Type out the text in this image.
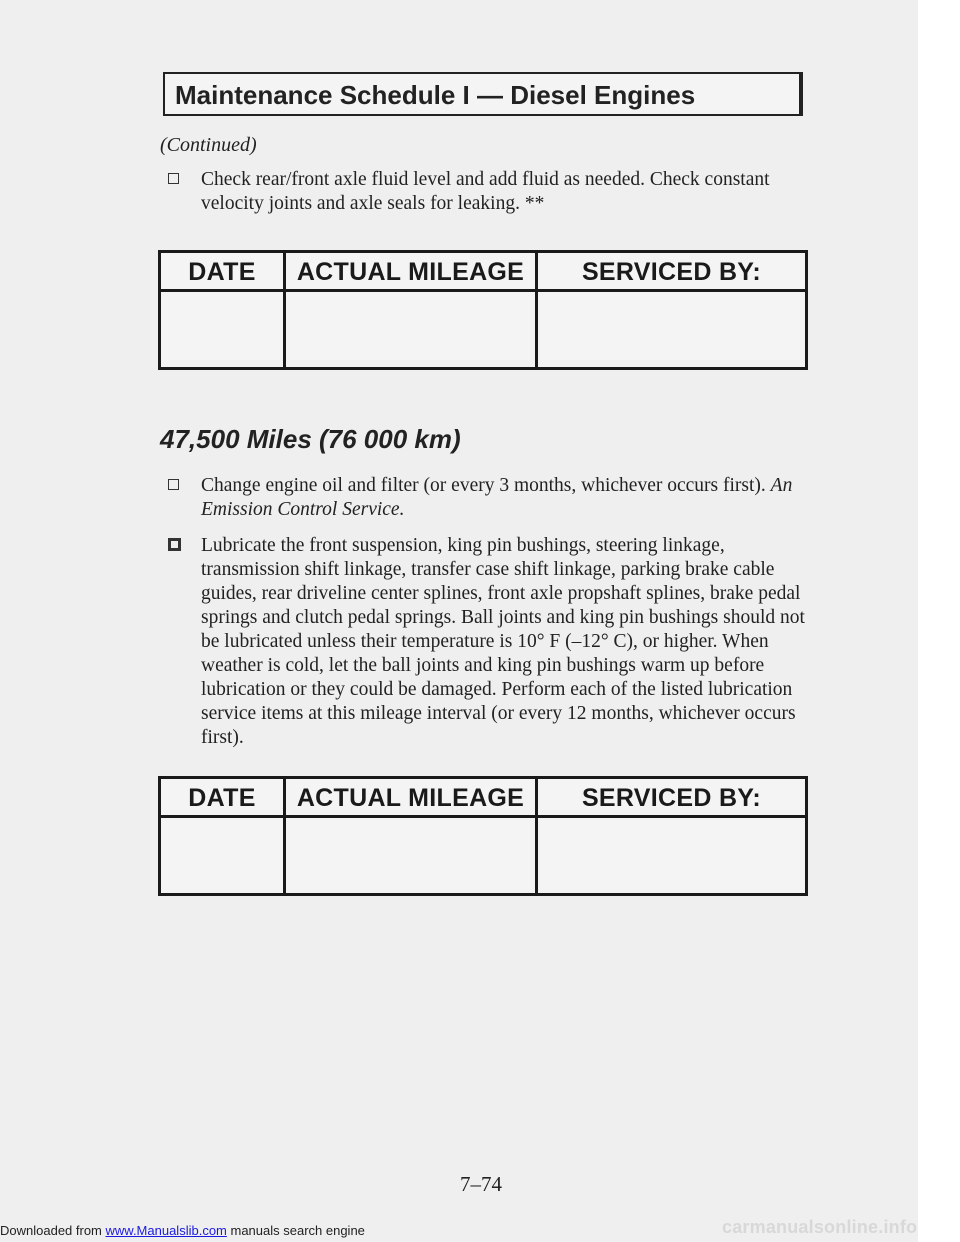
Maintenance Schedule I — Diesel Engines
(Continued)
Check rear/front axle fluid level and add fluid as needed. Check constant velocity joints and axle seals for leaking. **
DATE	ACTUAL MILEAGE	SERVICED BY:
47,500 Miles (76 000 km)
Change engine oil and filter (or every 3 months, whichever occurs first). An Emission Control Service.
Lubricate the front suspension, king pin bushings, steering linkage, transmission shift linkage, transfer case shift linkage, parking brake cable guides, rear driveline center splines, front axle propshaft splines, brake pedal springs and clutch pedal springs. Ball joints and king pin bushings should not be lubricated unless their temperature is 10° F (–12° C), or higher. When weather is cold, let the ball joints and king pin bushings warm up before lubrication or they could be damaged. Perform each of the listed lubrication service items at this mileage interval (or every 12 months, whichever occurs first).
DATE	ACTUAL MILEAGE	SERVICED BY:
7–74
Downloaded from www.Manualslib.com manuals search engine	carmanualsonline.info
